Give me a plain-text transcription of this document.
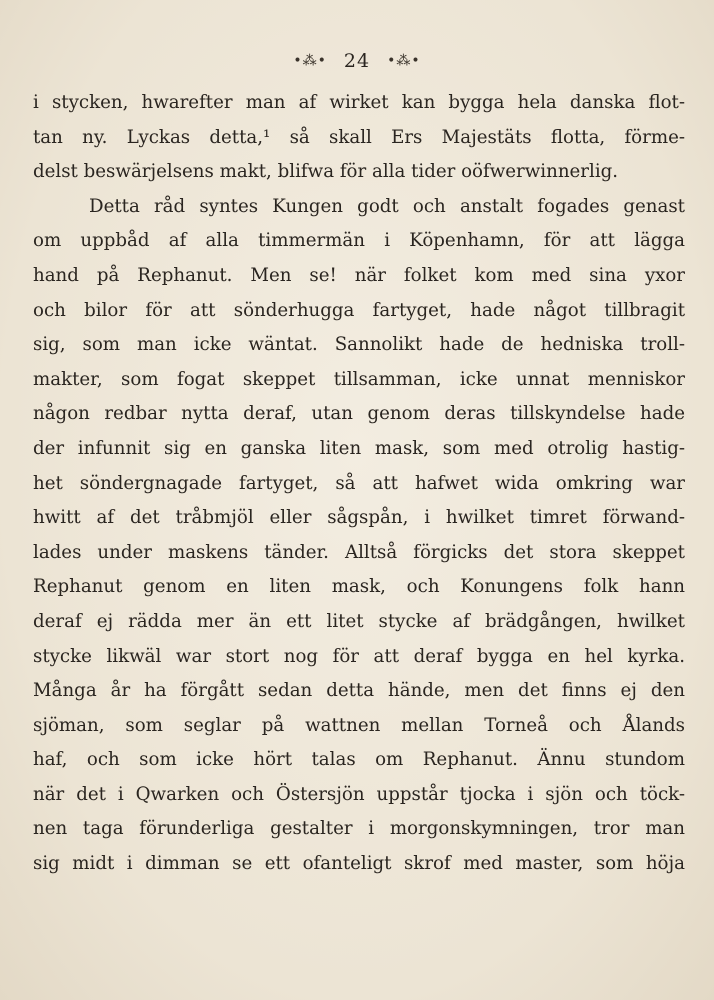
•⁂• 24 •⁂•
i stycken, hwarefter man af wirket kan bygga hela danska flot-
tan ny. Lyckas detta,¹ så skall Ers Majestäts flotta, förme-
delst beswärjelsens makt, blifwa för alla tider oöfwerwinnerlig.
Detta råd syntes Kungen godt och anstalt fogades genast
om uppbåd af alla timmermän i Köpenhamn, för att lägga
hand på Rephanut. Men se! när folket kom med sina yxor
och bilor för att sönderhugga fartyget, hade något tillbragit
sig, som man icke wäntat. Sannolikt hade de hedniska troll-
makter, som fogat skeppet tillsamman, icke unnat menniskor
någon redbar nytta deraf, utan genom deras tillskyndelse hade
der infunnit sig en ganska liten mask, som med otrolig hastig-
het söndergnagade fartyget, så att hafwet wida omkring war
hwitt af det tråbmjöl eller sågspån, i hwilket timret förwand-
lades under maskens tänder. Alltså förgicks det stora skeppet
Rephanut genom en liten mask, och Konungens folk hann
deraf ej rädda mer än ett litet stycke af brädgången, hwilket
stycke likwäl war stort nog för att deraf bygga en hel kyrka.
Många år ha förgått sedan detta hände, men det finns ej den
sjöman, som seglar på wattnen mellan Torneå och Ålands
haf, och som icke hört talas om Rephanut. Ännu stundom
när det i Qwarken och Östersjön uppstår tjocka i sjön och töck-
nen taga förunderliga gestalter i morgonskymningen, tror man
sig midt i dimman se ett ofanteligt skrof med master, som höja
